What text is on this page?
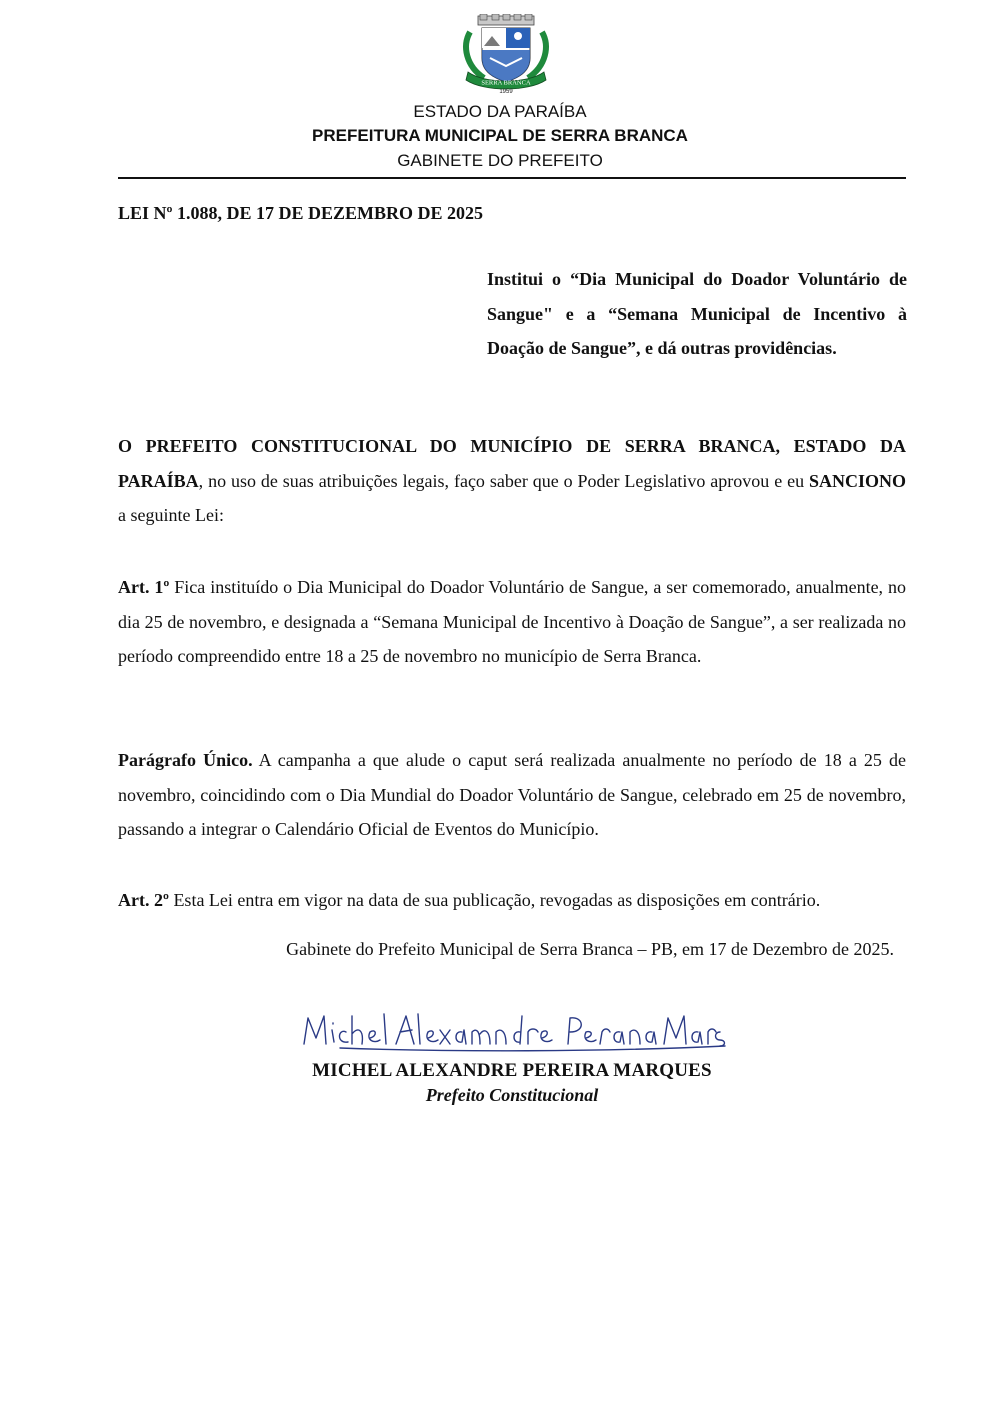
SERRA BRANCA
1959
ESTADO DA PARAÍBA
PREFEITURA MUNICIPAL DE SERRA BRANCA
GABINETE DO PREFEITO
LEI Nº 1.088, DE 17 DE DEZEMBRO DE 2025
Institui o “Dia Municipal do Doador Voluntário de Sangue" e a “Semana Municipal de Incentivo à Doação de Sangue”, e dá outras providências.
O PREFEITO CONSTITUCIONAL DO MUNICÍPIO DE SERRA BRANCA, ESTADO DA PARAÍBA, no uso de suas atribuições legais, faço saber que o Poder Legislativo aprovou e eu SANCIONO a seguinte Lei:
Art. 1º Fica instituído o Dia Municipal do Doador Voluntário de Sangue, a ser comemorado, anualmente, no dia 25 de novembro, e designada a “Semana Municipal de Incentivo à Doação de Sangue”, a ser realizada no período compreendido entre 18 a 25 de novembro no município de Serra Branca.
Parágrafo Único. A campanha a que alude o caput será realizada anualmente no período de 18 a 25 de novembro, coincidindo com o Dia Mundial do Doador Voluntário de Sangue, celebrado em 25 de novembro, passando a integrar o Calendário Oficial de Eventos do Município.
Art. 2º Esta Lei entra em vigor na data de sua publicação, revogadas as disposições em contrário.
Gabinete do Prefeito Municipal de Serra Branca – PB, em 17 de Dezembro de 2025.
MICHEL ALEXANDRE PEREIRA MARQUES
Prefeito Constitucional
